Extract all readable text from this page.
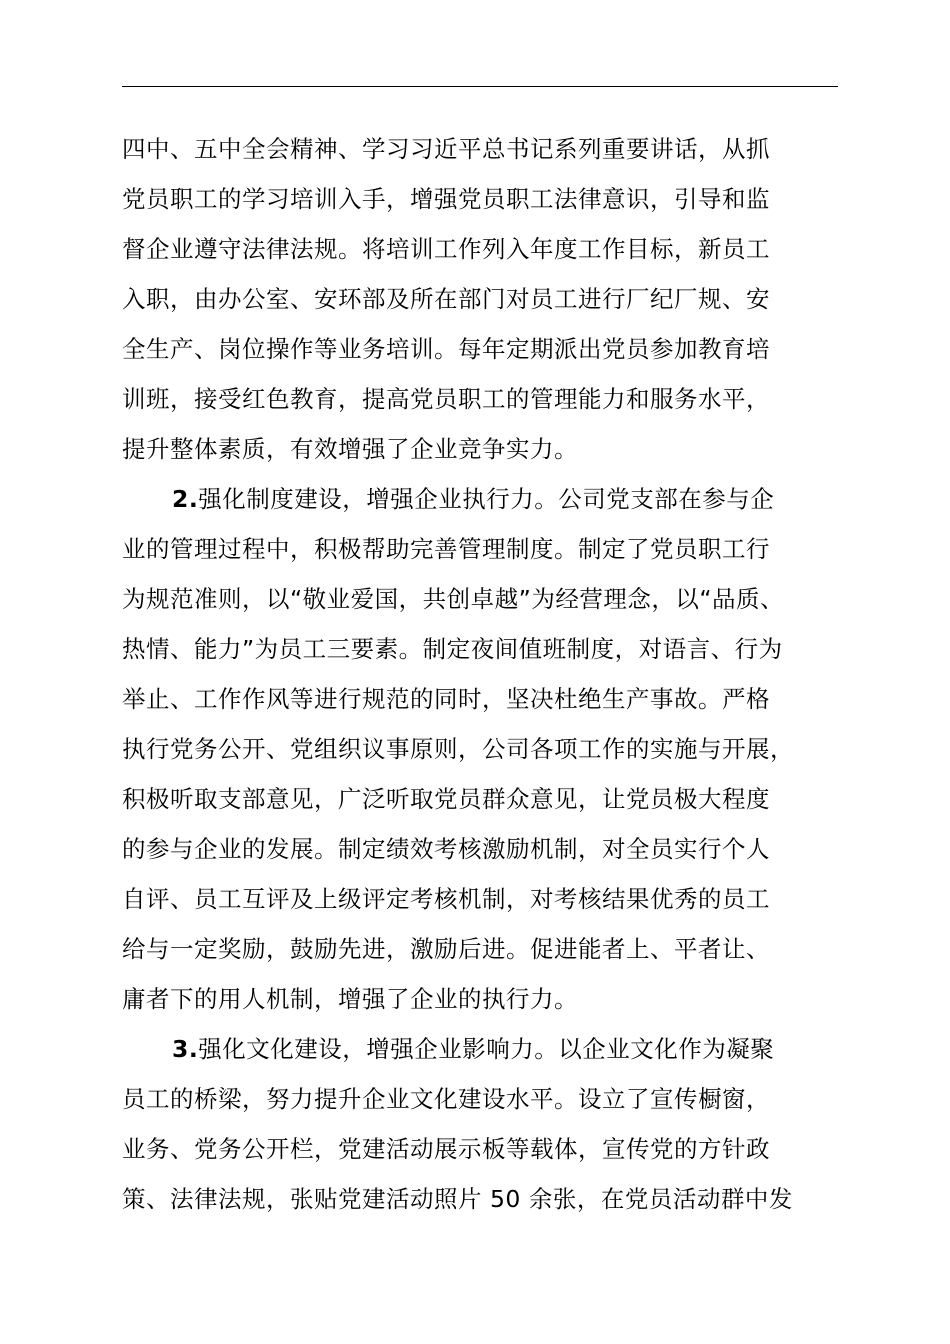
四中、五中全会精神、学习习近平总书记系列重要讲话，从抓
党员职工的学习培训入手，增强党员职工法律意识，引导和监
督企业遵守法律法规。将培训工作列入年度工作目标，新员工
入职，由办公室、安环部及所在部门对员工进行厂纪厂规、安
全生产、岗位操作等业务培训。每年定期派出党员参加教育培
训班，接受红色教育，提高党员职工的管理能力和服务水平，
提升整体素质，有效增强了企业竞争实力。
2.强化制度建设，增强企业执行力。公司党支部在参与企
业的管理过程中，积极帮助完善管理制度。制定了党员职工行
为规范准则，以“敬业爱国，共创卓越”为经营理念，以“品质、
热情、能力”为员工三要素。制定夜间值班制度，对语言、行为
举止、工作作风等进行规范的同时，坚决杜绝生产事故。严格
执行党务公开、党组织议事原则，公司各项工作的实施与开展，
积极听取支部意见，广泛听取党员群众意见，让党员极大程度
的参与企业的发展。制定绩效考核激励机制，对全员实行个人
自评、员工互评及上级评定考核机制，对考核结果优秀的员工
给与一定奖励，鼓励先进，激励后进。促进能者上、平者让、
庸者下的用人机制，增强了企业的执行力。
3.强化文化建设，增强企业影响力。以企业文化作为凝聚
员工的桥梁，努力提升企业文化建设水平。设立了宣传橱窗，
业务、党务公开栏，党建活动展示板等载体，宣传党的方针政
策、法律法规，张贴党建活动照片 50 余张，在党员活动群中发
